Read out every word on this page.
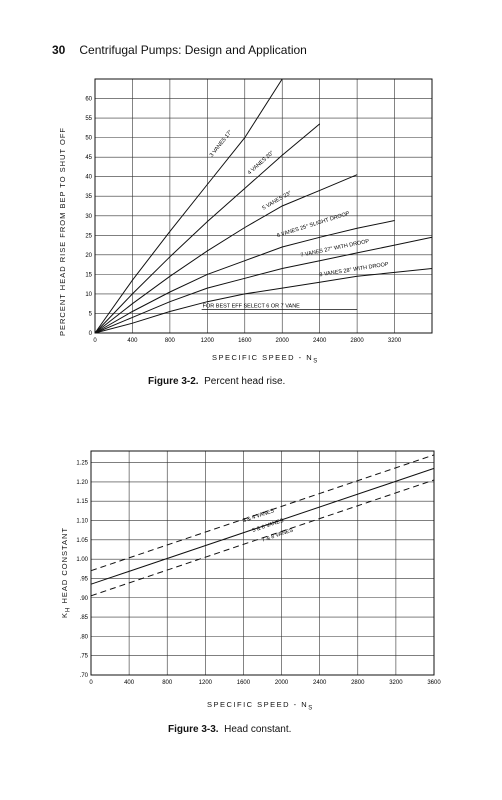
30 Centrifugal Pumps: Design and Application
0	400	800	1200	1600	2000	2400	2800	3200
0
5
10
15
20
25
30
35
40
45
50
55
60
3 VANES 17°
4 VANES 20°
5 VANES 23°
6 VANES 25° SLIGHT DROOP
7 VANES 27° WITH DROOP
8 VANES 28° WITH DROOP
FOR BEST EFF SELECT 6 OR 7 VANE
0	400	800	1200	1600	2000	2400	2800	3200	3600
.70
.75
.80
.85
.90
.95
1.00
1.05
1.10
1.15
1.20
1.25
3 & 4 VANES
5 & 6 VANES
7 & 8 VANES
SPECIFIC SPEED - $N_S$
PERCENT HEAD RISE FROM BEP TO SHUT OFF
Figure 3-2. Percent head rise.
SPECIFIC SPEED - $N_S$
$K_H$ HEAD CONSTANT
Figure 3-3. Head constant.
